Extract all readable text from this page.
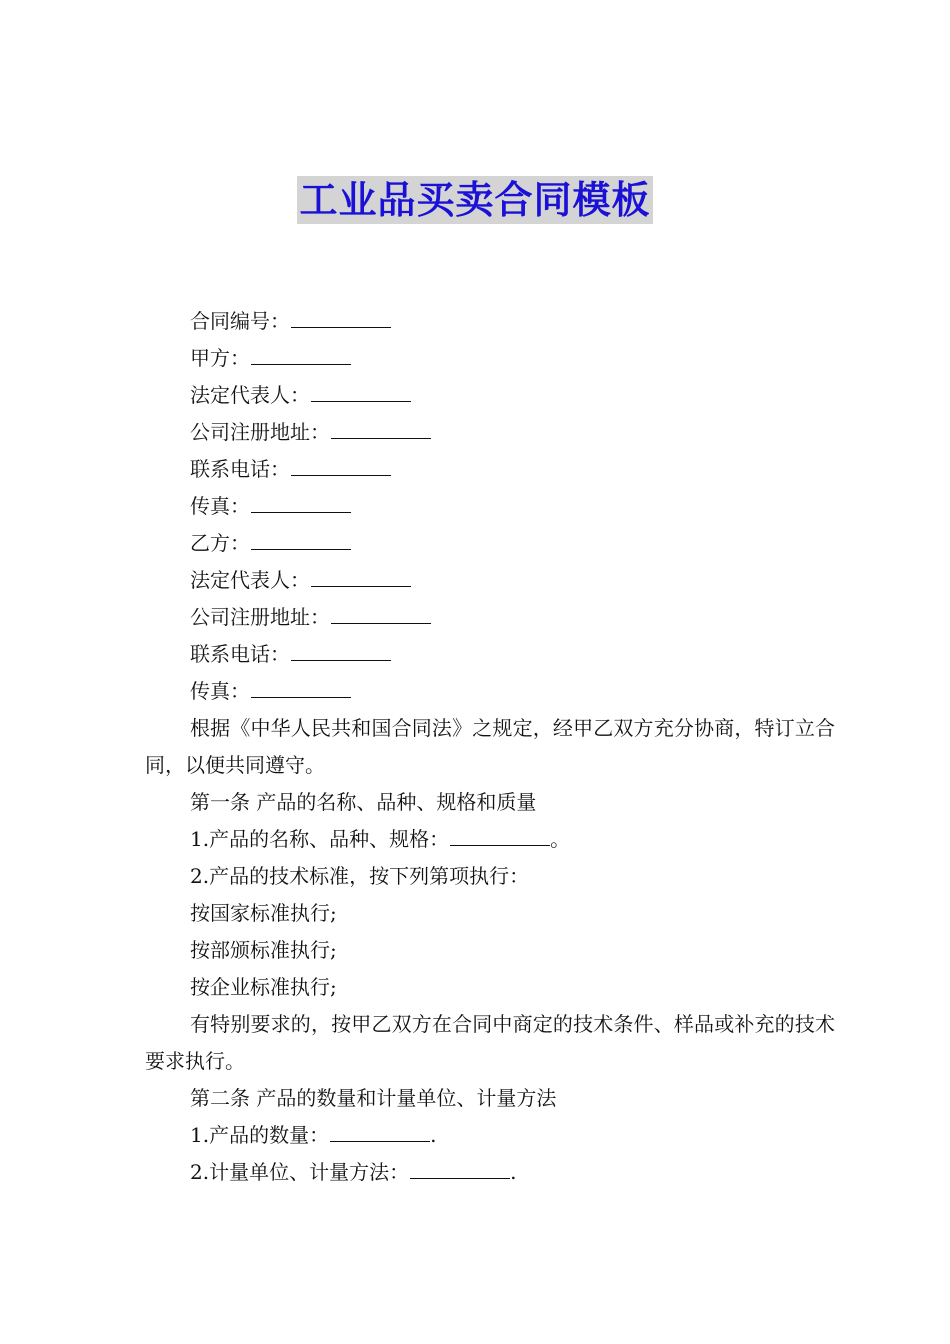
工业品买卖合同模板
合同编号：
甲方：
法定代表人：
公司注册地址：
联系电话：
传真：
乙方：
法定代表人：
公司注册地址：
联系电话：
传真：
根据《中华人民共和国合同法》之规定，经甲乙双方充分协商，特订立合同，以便共同遵守。
第一条 产品的名称、品种、规格和质量
1.产品的名称、品种、规格：	。
2.产品的技术标准，按下列第项执行：
按国家标准执行;
按部颁标准执行;
按企业标准执行;
有特别要求的，按甲乙双方在合同中商定的技术条件、样品或补充的技术要求执行。
第二条 产品的数量和计量单位、计量方法
1.产品的数量：	.
2.计量单位、计量方法：	.
